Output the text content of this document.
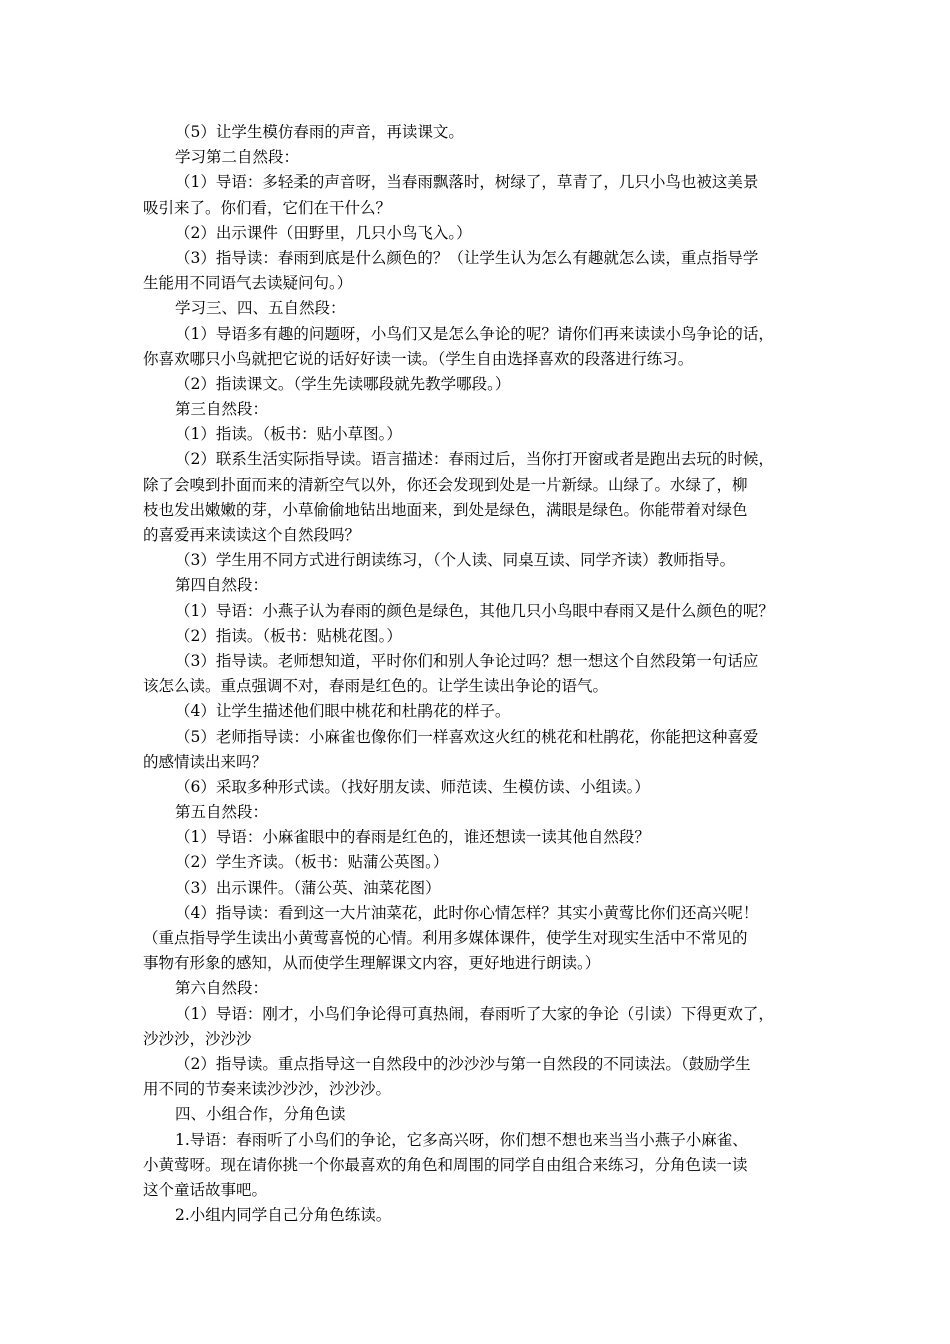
（5）让学生模仿春雨的声音，再读课文。
学习第二自然段：
（1）导语：多轻柔的声音呀，当春雨飘落时，树绿了，草青了，几只小鸟也被这美景
吸引来了。你们看，它们在干什么？
（2）出示课件（田野里，几只小鸟飞入。）
（3）指导读：春雨到底是什么颜色的？（让学生认为怎么有趣就怎么读，重点指导学
生能用不同语气去读疑问句。）
学习三、四、五自然段：
（1）导语多有趣的问题呀，小鸟们又是怎么争论的呢？请你们再来读读小鸟争论的话，
你喜欢哪只小鸟就把它说的话好好读一读。（学生自由选择喜欢的段落进行练习。
（2）指读课文。（学生先读哪段就先教学哪段。）
第三自然段：
（1）指读。（板书：贴小草图。）
（2）联系生活实际指导读。语言描述：春雨过后，当你打开窗或者是跑出去玩的时候，
除了会嗅到扑面而来的清新空气以外，你还会发现到处是一片新绿。山绿了。水绿了，柳
枝也发出嫩嫩的芽，小草偷偷地钻出地面来，到处是绿色，满眼是绿色。你能带着对绿色
的喜爱再来读读这个自然段吗？
（3）学生用不同方式进行朗读练习，（个人读、同桌互读、同学齐读）教师指导。
第四自然段：
（1）导语：小燕子认为春雨的颜色是绿色，其他几只小鸟眼中春雨又是什么颜色的呢？
（2）指读。（板书：贴桃花图。）
（3）指导读。老师想知道，平时你们和别人争论过吗？想一想这个自然段第一句话应
该怎么读。重点强调不对，春雨是红色的。让学生读出争论的语气。
（4）让学生描述他们眼中桃花和杜鹃花的样子。
（5）老师指导读：小麻雀也像你们一样喜欢这火红的桃花和杜鹃花，你能把这种喜爱
的感情读出来吗？
（6）采取多种形式读。（找好朋友读、师范读、生模仿读、小组读。）
第五自然段：
（1）导语：小麻雀眼中的春雨是红色的，谁还想读一读其他自然段？
（2）学生齐读。（板书：贴蒲公英图。）
（3）出示课件。（蒲公英、油菜花图）
（4）指导读：看到这一大片油菜花，此时你心情怎样？其实小黄莺比你们还高兴呢！
（重点指导学生读出小黄莺喜悦的心情。利用多媒体课件，使学生对现实生活中不常见的
事物有形象的感知，从而使学生理解课文内容，更好地进行朗读。）
第六自然段：
（1）导语：刚才，小鸟们争论得可真热闹，春雨听了大家的争论（引读）下得更欢了，
沙沙沙，沙沙沙
（2）指导读。重点指导这一自然段中的沙沙沙与第一自然段的不同读法。（鼓励学生
用不同的节奏来读沙沙沙，沙沙沙。
四、小组合作，分角色读
1.导语：春雨听了小鸟们的争论，它多高兴呀，你们想不想也来当当小燕子小麻雀、
小黄莺呀。现在请你挑一个你最喜欢的角色和周围的同学自由组合来练习，分角色读一读
这个童话故事吧。
2.小组内同学自己分角色练读。
